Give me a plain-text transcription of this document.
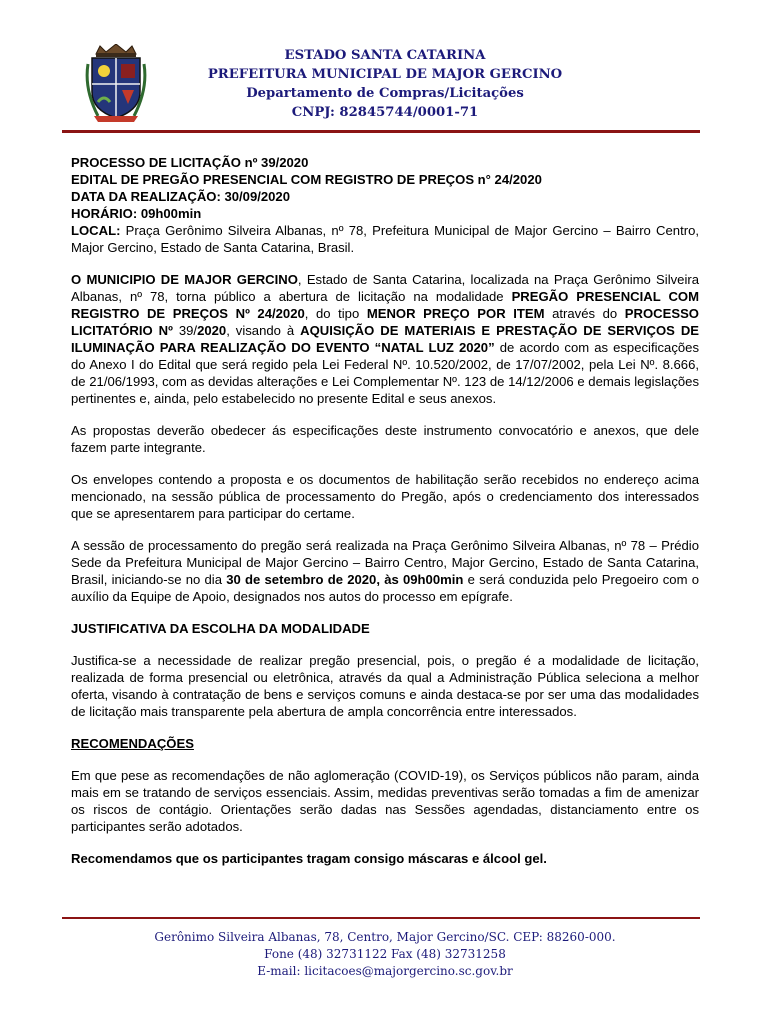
ESTADO SANTA CATARINA
PREFEITURA MUNICIPAL DE MAJOR GERCINO
Departamento de Compras/Licitações
CNPJ: 82845744/0001-71

PROCESSO DE LICITAÇÃO nº 39/2020

EDITAL DE PREGÃO PRESENCIAL COM REGISTRO DE PREÇOS n° 24/2020

DATA DA REALIZAÇÃO: 30/09/2020

HORÁRIO: 09h00min

LOCAL: Praça Gerônimo Silveira Albanas, nº 78, Prefeitura Municipal de Major Gercino – Bairro Centro, Major Gercino, Estado de Santa Catarina, Brasil.

O MUNICIPIO DE MAJOR GERCINO, Estado de Santa Catarina, localizada na Praça Gerônimo Silveira Albanas, nº 78, torna público a abertura de licitação na modalidade PREGÃO PRESENCIAL COM REGISTRO DE PREÇOS Nº 24/2020, do tipo MENOR PREÇO POR ITEM através do PROCESSO LICITATÓRIO Nº 39/2020, visando à AQUISIÇÃO DE MATERIAIS E PRESTAÇÃO DE SERVIÇOS DE ILUMINAÇÃO PARA REALIZAÇÃO DO EVENTO “NATAL LUZ 2020” de acordo com as especificações do Anexo I do Edital que será regido pela Lei Federal Nº. 10.520/2002, de 17/07/2002, pela Lei Nº. 8.666, de 21/06/1993, com as devidas alterações e Lei Complementar Nº. 123 de 14/12/2006 e demais legislações pertinentes e, ainda, pelo estabelecido no presente Edital e seus anexos.

As propostas deverão obedecer ás especificações deste instrumento convocatório e anexos, que dele fazem parte integrante.

Os envelopes contendo a proposta e os documentos de habilitação serão recebidos no endereço acima mencionado, na sessão pública de processamento do Pregão, após o credenciamento dos interessados que se apresentarem para participar do certame.

A sessão de processamento do pregão será realizada na Praça Gerônimo Silveira Albanas, nº 78 – Prédio Sede da Prefeitura Municipal de Major Gercino – Bairro Centro, Major Gercino, Estado de Santa Catarina, Brasil, iniciando-se no dia 30 de setembro de 2020, às 09h00min e será conduzida pelo Pregoeiro com o auxílio da Equipe de Apoio, designados nos autos do processo em epígrafe.

JUSTIFICATIVA DA ESCOLHA DA MODALIDADE

Justifica-se a necessidade de realizar pregão presencial, pois, o pregão é a modalidade de licitação, realizada de forma presencial ou eletrônica, através da qual a Administração Pública seleciona a melhor oferta, visando à contratação de bens e serviços comuns e ainda destaca-se por ser uma das modalidades de licitação mais transparente pela abertura de ampla concorrência entre interessados.

RECOMENDAÇÕES

Em que pese as recomendações de não aglomeração (COVID-19), os Serviços públicos não param, ainda mais em se tratando de serviços essenciais. Assim, medidas preventivas serão tomadas a fim de amenizar os riscos de contágio. Orientações serão dadas nas Sessões agendadas, distanciamento entre os participantes serão adotados.

Recomendamos que os participantes tragam consigo máscaras e álcool gel.

Gerônimo Silveira Albanas, 78, Centro, Major Gercino/SC. CEP: 88260-000.
Fone (48) 32731122 Fax (48) 32731258
E-mail: licitacoes@majorgercino.sc.gov.br
